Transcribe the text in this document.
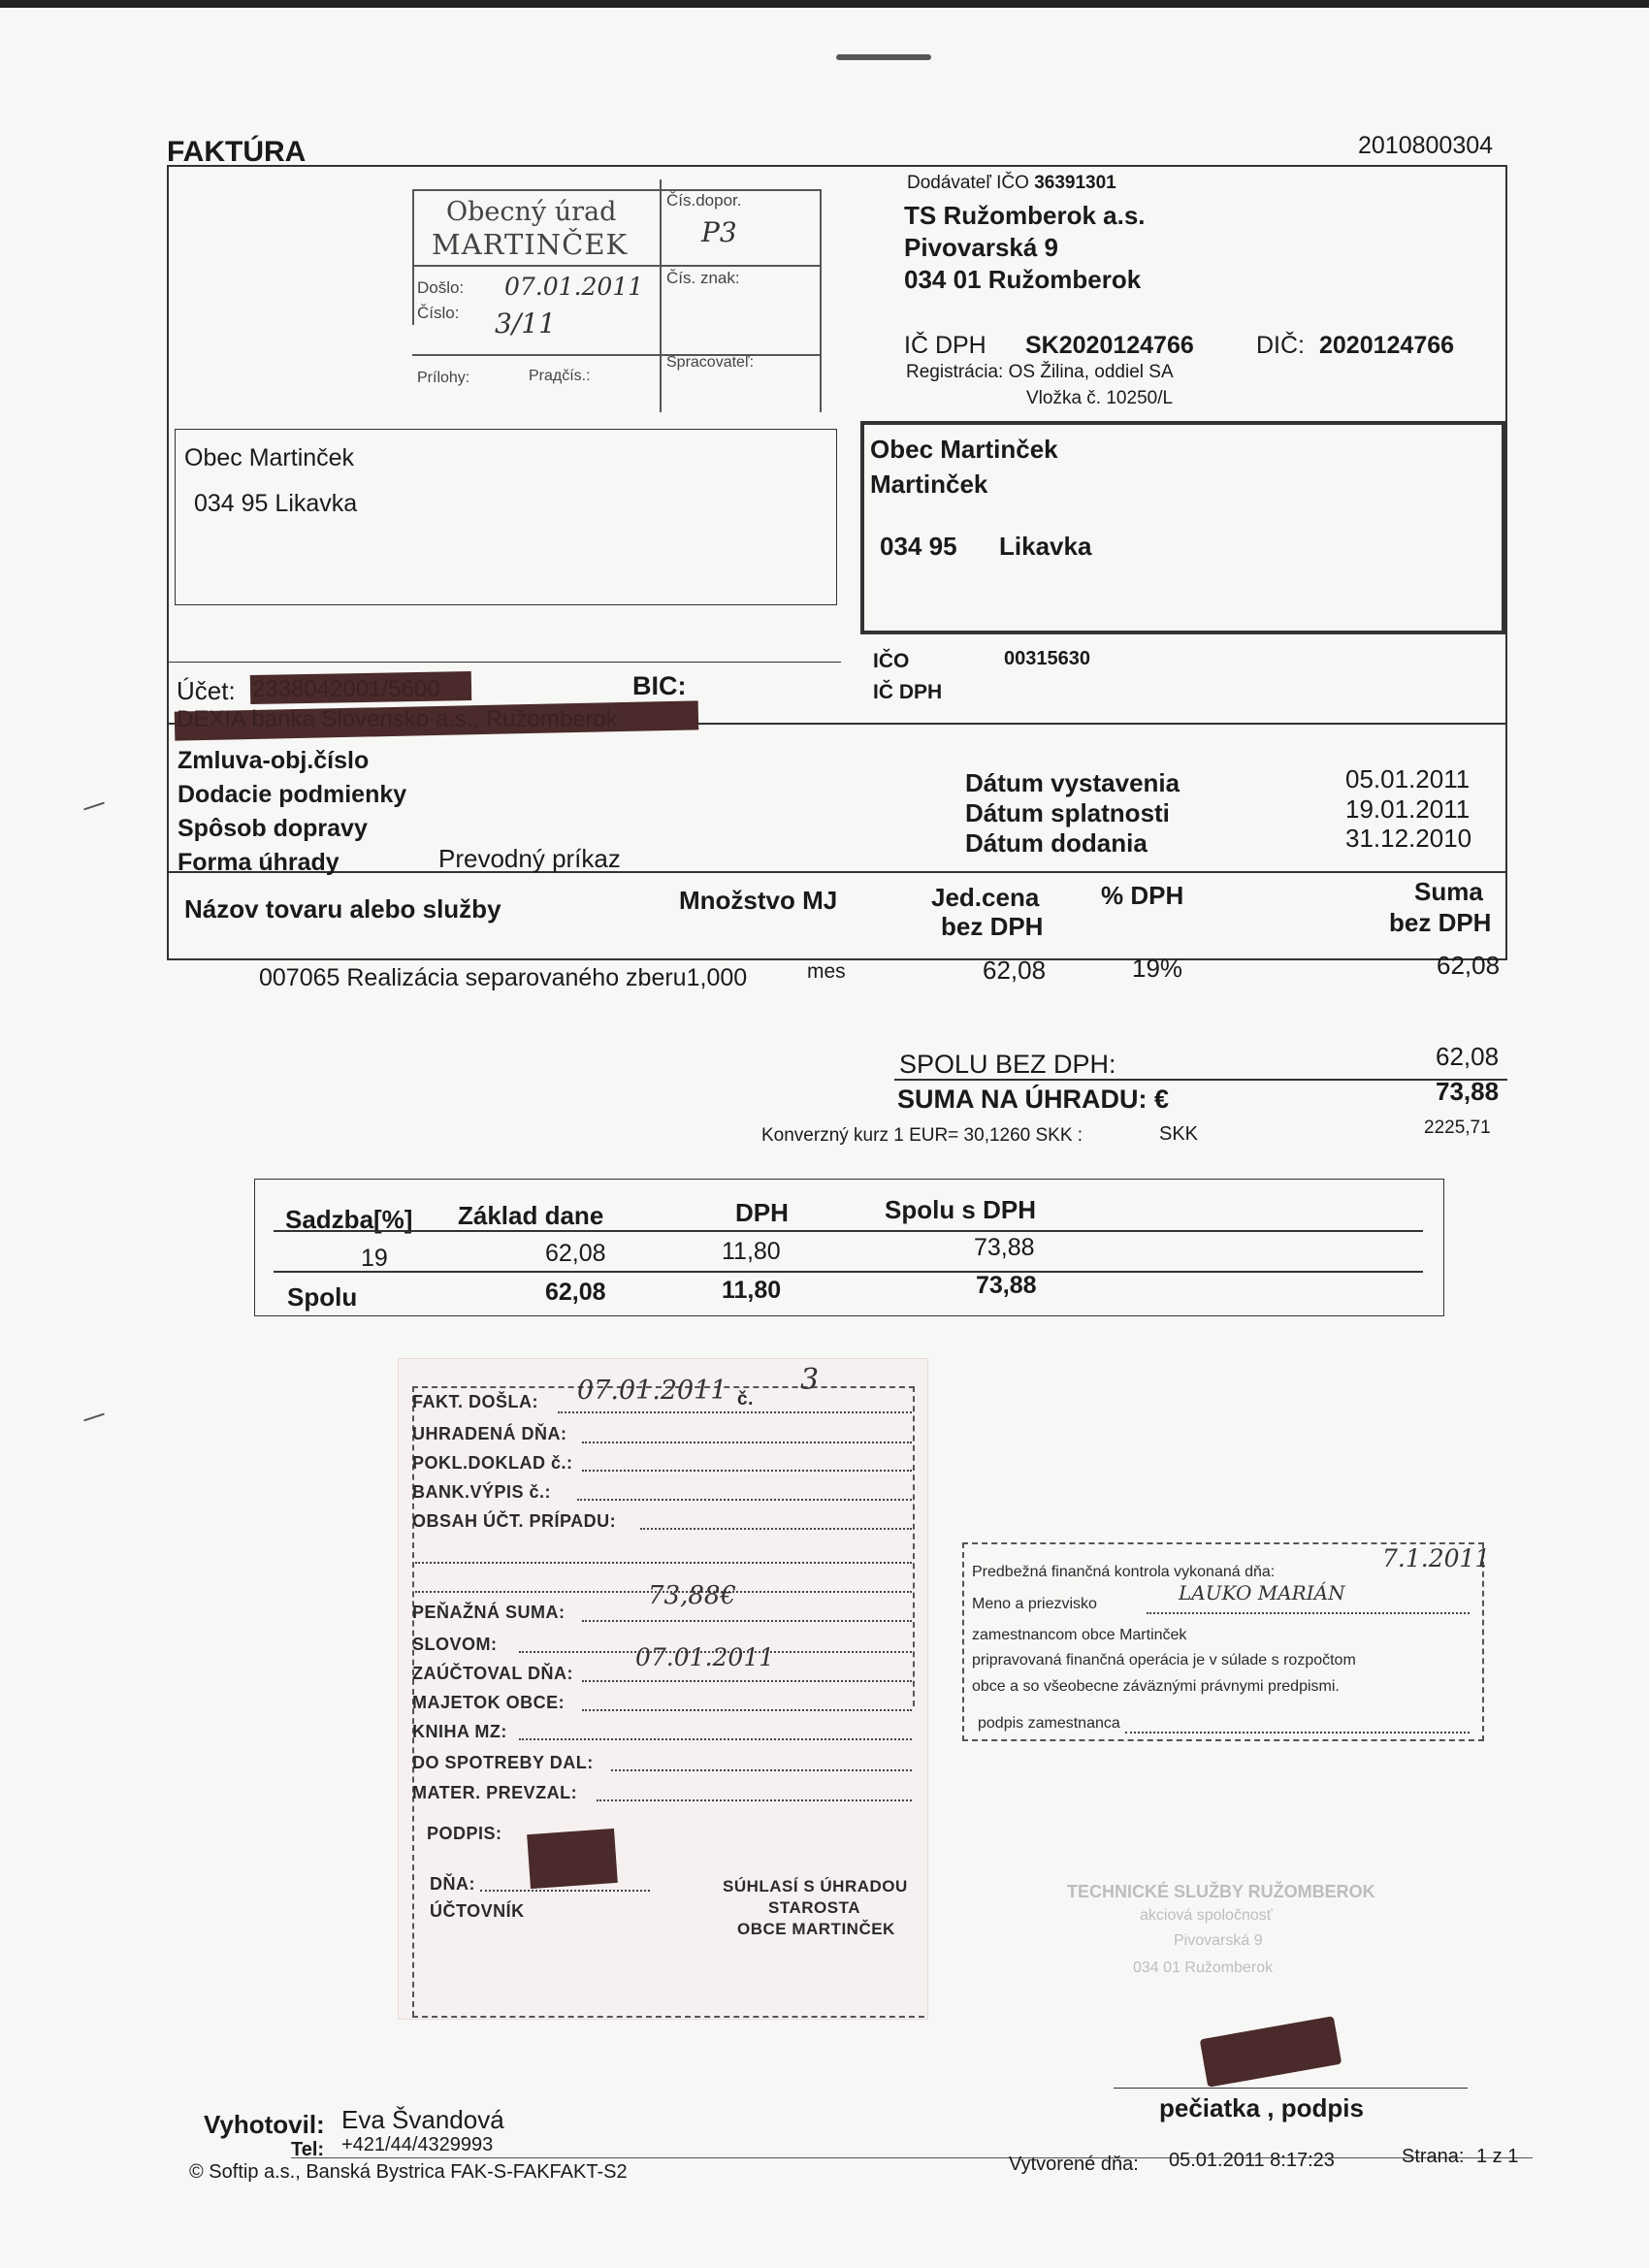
FAKTÚRA	2010800304
Obecný úrad
MARTINČEK
Došlo: 07.01.2011
Číslo: 3/11
Prílohy:	Prадčís.:
Čís.dopor.
P3
Čís. znak:
Spracovateľ:
Dodávateľ IČO 36391301
TS Ružomberok a.s.
Pivovarská 9
034 01 Ružomberok
IČ DPH SK2020124766	DIČ: 2020124766
Registrácia: OS Žilina, oddiel SA
Vložka č. 10250/L
Obec Martinček
034 95 Likavka
Obec Martinček
Martinček
034 95 Likavka
IČO	00315630
IČ DPH
Účet: 2338042001/5600	BIC:
DEXIA banka Slovensko a.s., Ružomberok
Zmluva-obj.číslo
Dodacie podmienky
Spôsob dopravy
Forma úhrady	Prevodný príkaz
Dátum vystavenia	05.01.2011
Dátum splatnosti	19.01.2011
Dátum dodania	31.12.2010
Názov tovaru alebo služby	Množstvo MJ	Jed.cena
bez DPH
% DPH	Suma
bez DPH
007065 Realizácia separovaného zberu1,000	mes	62,08	19%	62,08
SPOLU BEZ DPH:	62,08
SUMA NA ÚHRADU: €	73,88
Konverzný kurz 1 EUR= 30,1260 SKK :	SKK	2225,71
Sadzba[%] Základ dane	DPH	Spolu s DPH
19	62,08	11,80	73,88
Spolu	62,08	11,80	73,88
FAKT. DOŠLA: 07.01.2011 č.
3
UHRADENÁ DŇA:
POKL.DOKLAD č.:
BANK.VÝPIS č.:
OBSAH ÚČT. PRÍPADU:
PEŇAŽNÁ SUMA:
73,88€
SLOVOM:
ZAÚČTOVAL DŇA:
07.01.2011
MAJETOK OBCE:
KNIHA MZ:
DO SPOTREBY DAL:
MATER. PREVZAL:
PODPIS:
DŇA:
ÚČTOVNÍK
SÚHLASÍ S ÚHRADOU
STAROSTA
OBCE MARTINČEK
Predbežná finančná kontrola vykonaná dňa:	7.1.2011
Meno a priezvisko	LAUKO MARIÁN
zamestnancom obce Martinček
pripravovaná finančná operácia je v súlade s rozpočtom
obce a so všeobecne záväznými právnymi predpismi.
podpis zamestnanca
TECHNICKÉ SLUŽBY RUŽOMBEROK
akciová spoločnosť
Pivovarská 9
034 01 Ružomberok
pečiatka , podpis
Vyhotovil: Eva Švandová
Tel: +421/44/4329993
© Softip a.s., Banská Bystrica FAK-S-FAKFAKT-S2	Vytvorené dňa: 05.01.2011 8:17:23	Strana: 1 z 1
